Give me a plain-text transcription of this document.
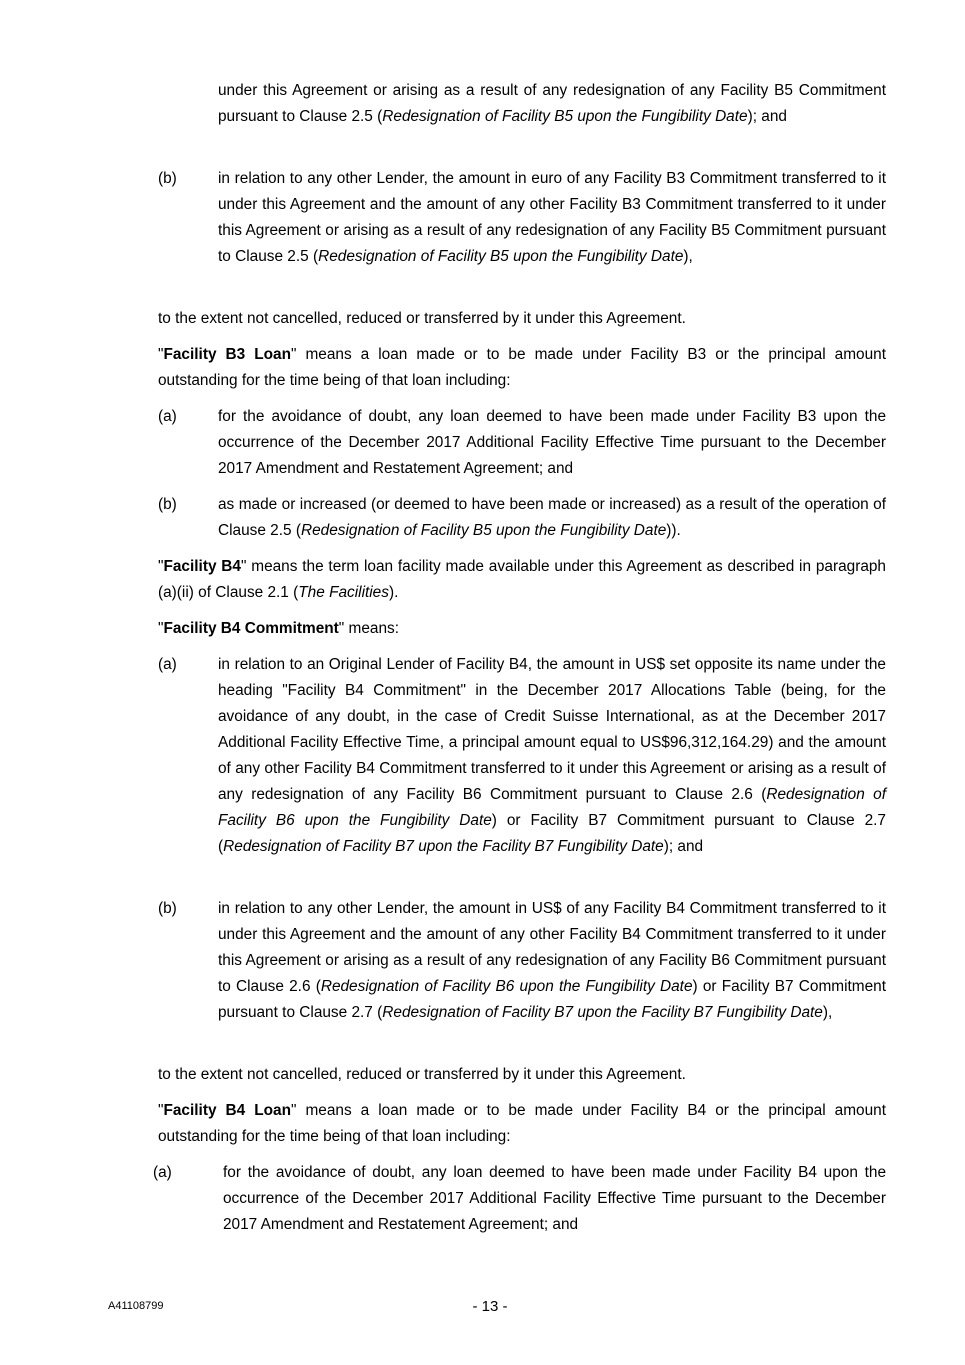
under this Agreement or arising as a result of any redesignation of any Facility B5 Commitment pursuant to Clause 2.5 (Redesignation of Facility B5 upon the Fungibility Date); and
(b)	in relation to any other Lender, the amount in euro of any Facility B3 Commitment transferred to it under this Agreement and the amount of any other Facility B3 Commitment transferred to it under this Agreement or arising as a result of any redesignation of any Facility B5 Commitment pursuant to Clause 2.5 (Redesignation of Facility B5 upon the Fungibility Date),
to the extent not cancelled, reduced or transferred by it under this Agreement.
"Facility B3 Loan" means a loan made or to be made under Facility B3 or the principal amount outstanding for the time being of that loan including:
(a)	for the avoidance of doubt, any loan deemed to have been made under Facility B3 upon the occurrence of the December 2017 Additional Facility Effective Time pursuant to the December 2017 Amendment and Restatement Agreement; and
(b)	as made or increased (or deemed to have been made or increased) as a result of the operation of Clause 2.5 (Redesignation of Facility B5 upon the Fungibility Date)).
"Facility B4" means the term loan facility made available under this Agreement as described in paragraph (a)(ii) of Clause 2.1 (The Facilities).
"Facility B4 Commitment" means:
(a)	in relation to an Original Lender of Facility B4, the amount in US$ set opposite its name under the heading "Facility B4 Commitment" in the December 2017 Allocations Table (being, for the avoidance of any doubt, in the case of Credit Suisse International, as at the December 2017 Additional Facility Effective Time, a principal amount equal to US$96,312,164.29) and the amount of any other Facility B4 Commitment transferred to it under this Agreement or arising as a result of any redesignation of any Facility B6 Commitment pursuant to Clause 2.6 (Redesignation of Facility B6 upon the Fungibility Date) or Facility B7 Commitment pursuant to Clause 2.7 (Redesignation of Facility B7 upon the Facility B7 Fungibility Date); and
(b)	in relation to any other Lender, the amount in US$ of any Facility B4 Commitment transferred to it under this Agreement and the amount of any other Facility B4 Commitment transferred to it under this Agreement or arising as a result of any redesignation of any Facility B6 Commitment pursuant to Clause 2.6 (Redesignation of Facility B6 upon the Fungibility Date) or Facility B7 Commitment pursuant to Clause 2.7 (Redesignation of Facility B7 upon the Facility B7 Fungibility Date),
to the extent not cancelled, reduced or transferred by it under this Agreement.
"Facility B4 Loan" means a loan made or to be made under Facility B4 or the principal amount outstanding for the time being of that loan including:
(a)	for the avoidance of doubt, any loan deemed to have been made under Facility B4 upon the occurrence of the December 2017 Additional Facility Effective Time pursuant to the December 2017 Amendment and Restatement Agreement; and
A41108799	- 13 -
